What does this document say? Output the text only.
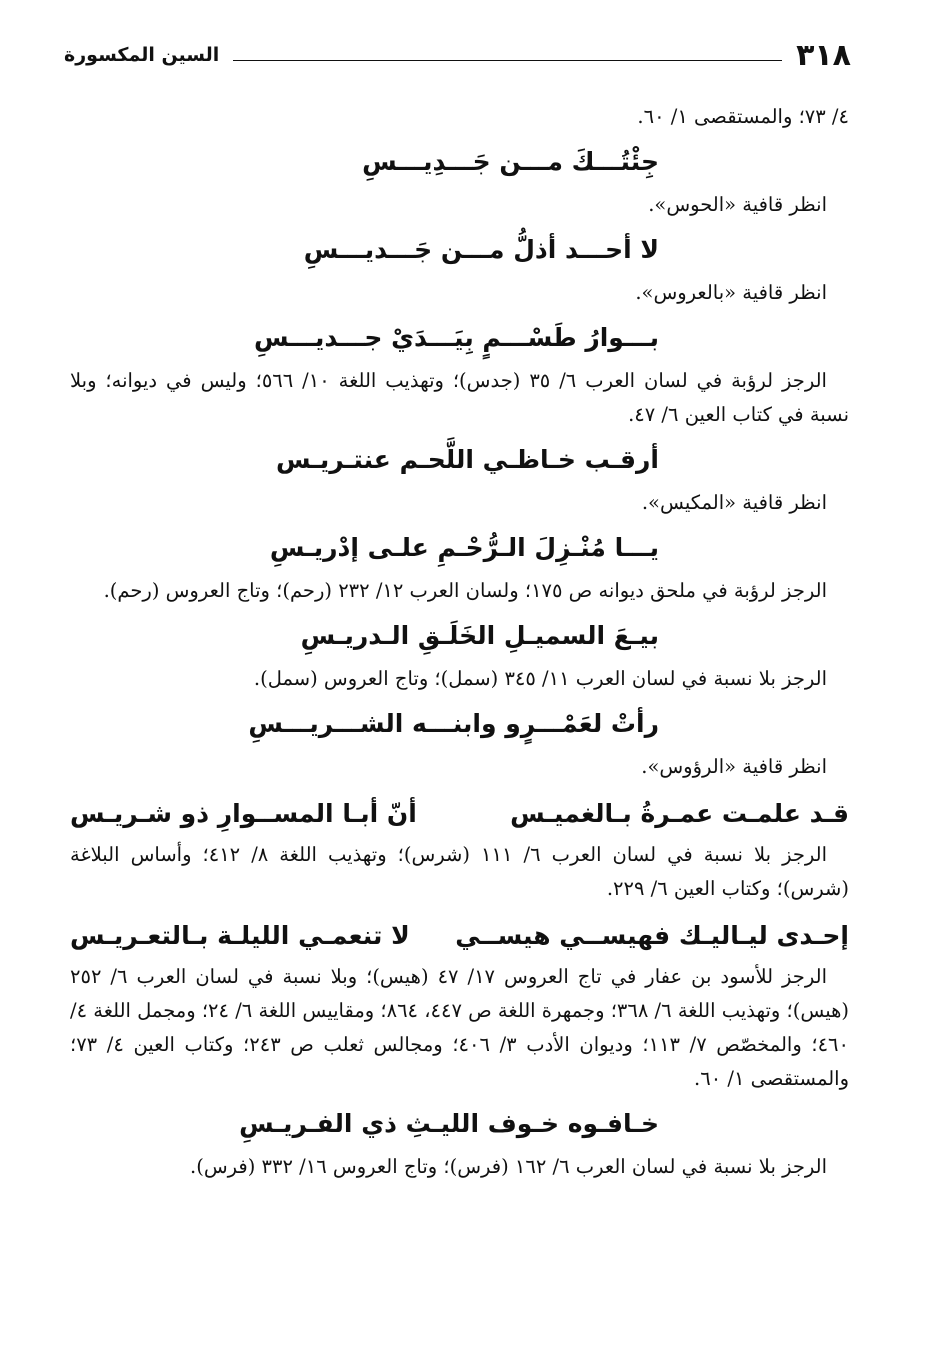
٣١٨
السين المكسورة

٤/ ٧٣؛ والمستقصى ١/ ٦٠.

جِئْتُـــكَ مـــن جَـــدِيـــسِ

انظر قافية «الحوس».

لا أحـــد أذلُّ مـــن جَـــديـــسِ

انظر قافية «بالعروس».

بـــوارُ طَسْـــمٍ بِيَـــدَيْ جـــديـــسِ

الرجز لرؤبة في لسان العرب ٦/ ٣٥ (جدس)؛ وتهذيب اللغة ١٠/ ٥٦٦؛ وليس في ديوانه؛ وبلا نسبة في كتاب العين ٦/ ٤٧.

أرقـب خـاظـي اللَّحـم عنتـريـس

انظر قافية «المكيس».

يـــا مُنْـزِلَ الـرُّحْـمِ علـى إدْريـسِ

الرجز لرؤبة في ملحق ديوانه ص ١٧٥؛ ولسان العرب ١٢/ ٢٣٢ (رحم)؛ وتاج العروس (رحم).

بيـعَ السميـلِ الخَلَـقِ الـدريـسِ

الرجز بلا نسبة في لسان العرب ١١/ ٣٤٥ (سمل)؛ وتاج العروس (سمل).

رأتْ لعَمْـــرٍو وابنـــه الشـــريـــسِ

انظر قافية «الرؤوس».

قـد علمـت عمـرةُ بـالغميـس
أنّ أبـا المســوارِ ذو شـريـس

الرجز بلا نسبة في لسان العرب ٦/ ١١١ (شرس)؛ وتهذيب اللغة ٨/ ٤١٢؛ وأساس البلاغة (شرس)؛ وكتاب العين ٦/ ٢٢٩.

إحـدى ليـاليـك فهيســي هيســي
لا تنعمـي الليلـة بـالتعـريـس

الرجز للأسود بن عفار في تاج العروس ١٧/ ٤٧ (هيس)؛ وبلا نسبة في لسان العرب ٦/ ٢٥٢ (هيس)؛ وتهذيب اللغة ٦/ ٣٦٨؛ وجمهرة اللغة ص ٤٤٧، ٨٦٤؛ ومقاييس اللغة ٦/ ٢٤؛ ومجمل اللغة ٤/ ٤٦٠؛ والمخصّص ٧/ ١١٣؛ وديوان الأدب ٣/ ٤٠٦؛ ومجالس ثعلب ص ٢٤٣؛ وكتاب العين ٤/ ٧٣؛ والمستقصى ١/ ٦٠.

خـافـوه خـوف الليـثِ ذي الفـريـسِ

الرجز بلا نسبة في لسان العرب ٦/ ١٦٢ (فرس)؛ وتاج العروس ١٦/ ٣٣٢ (فرس).
